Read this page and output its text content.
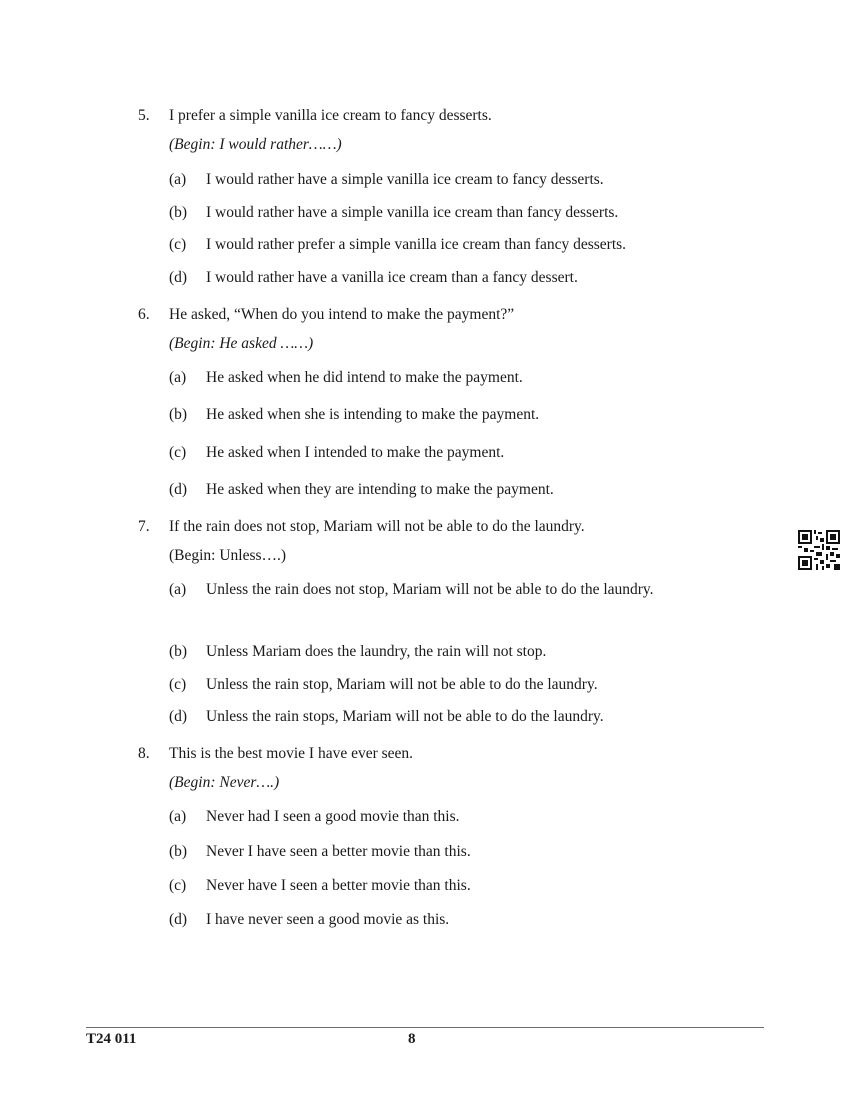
5. I prefer a simple vanilla ice cream to fancy desserts.
(Begin: I would rather……)
(a) I would rather have a simple vanilla ice cream to fancy desserts.
(b) I would rather have a simple vanilla ice cream than fancy desserts.
(c) I would rather prefer a simple vanilla ice cream than fancy desserts.
(d) I would rather have a vanilla ice cream than a fancy dessert.
6. He asked, “When do you intend to make the payment?”
(Begin: He asked ……)
(a) He asked when he did intend to make the payment.
(b) He asked when she is intending to make the payment.
(c) He asked when I intended to make the payment.
(d) He asked when they are intending to make the payment.
7. If the rain does not stop, Mariam will not be able to do the laundry.
(Begin: Unless….)
(a) Unless the rain does not stop, Mariam will not be able to do the laundry.
(b) Unless Mariam does the laundry, the rain will not stop.
(c) Unless the rain stop, Mariam will not be able to do the laundry.
(d) Unless the rain stops, Mariam will not be able to do the laundry.
8. This is the best movie I have ever seen.
(Begin: Never….)
(a) Never had I seen a good movie than this.
(b) Never I have seen a better movie than this.
(c) Never have I seen a better movie than this.
(d) I have never seen a good movie as this.
T24 011	8
